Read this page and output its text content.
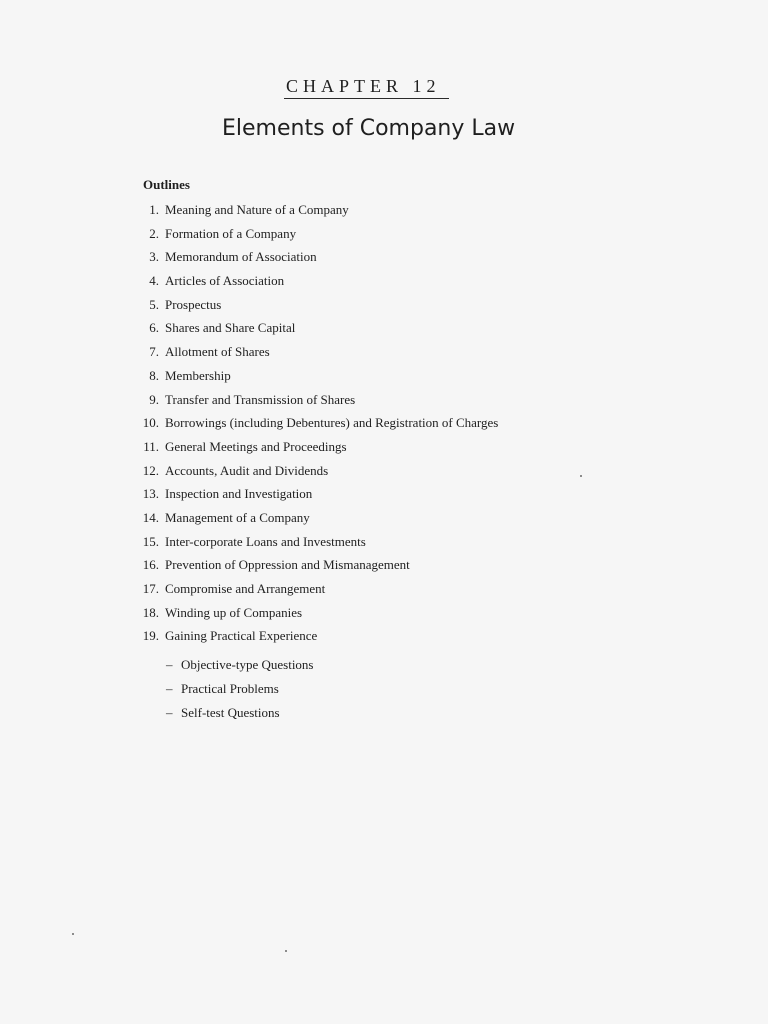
CHAPTER 12
Elements of Company Law
Outlines
1. Meaning and Nature of a Company
2. Formation of a Company
3. Memorandum of Association
4. Articles of Association
5. Prospectus
6. Shares and Share Capital
7. Allotment of Shares
8. Membership
9. Transfer and Transmission of Shares
10. Borrowings (including Debentures) and Registration of Charges
11. General Meetings and Proceedings
12. Accounts, Audit and Dividends
13. Inspection and Investigation
14. Management of a Company
15. Inter-corporate Loans and Investments
16. Prevention of Oppression and Mismanagement
17. Compromise and Arrangement
18. Winding up of Companies
19. Gaining Practical Experience
– Objective-type Questions
– Practical Problems
– Self-test Questions
